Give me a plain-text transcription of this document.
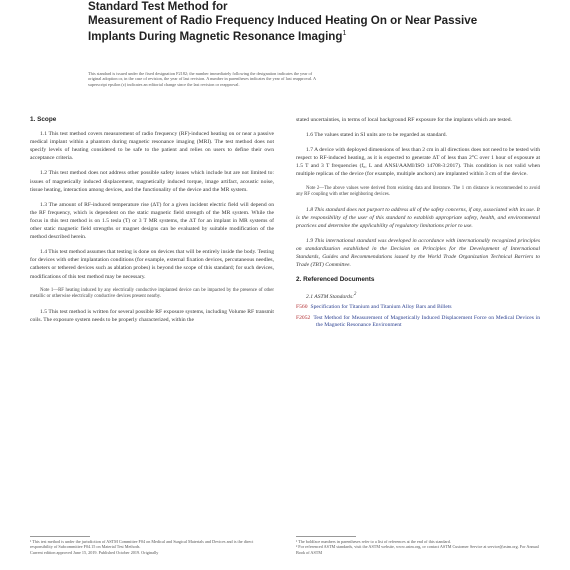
Standard Test Method for
Measurement of Radio Frequency Induced Heating On or Near Passive Implants During Magnetic Resonance Imaging$^1$
This standard is issued under the fixed designation F2182; the number immediately following the designation indicates the year of
original adoption or, in the case of revision, the year of last revision. A number in parentheses indicates the year of last reapproval. A
superscript epsilon (ε) indicates an editorial change since the last revision or reapproval.
1. Scope

1.1 This test method covers measurement of radio frequency (RF)-induced heating on or near a passive medical implant within a phantom during magnetic resonance imaging (MRI). The test method does not specify levels of heating considered to be safe to the patient and relies on users to define their own acceptance criteria.

1.2 This test method does not address other possible safety issues which include but are not limited to: issues of magnetically induced displacement, magnetically induced torque, image artifact, acoustic noise, tissue heating, interaction among devices, and the functionality of the device and the MR system.

1.3 The amount of RF-induced temperature rise (ΔT) for a given incident electric field will depend on the RF frequency, which is dependent on the static magnetic field strength of the MR system. While the focus in this test method is on 1.5 tesla (T) or 3 T MR systems, the ΔT for an implant in MR systems of other static magnetic field strengths or magnet designs can be evaluated by suitable modification of the method described herein.

1.4 This test method assumes that testing is done on devices that will be entirely inside the body. Testing for devices with other implantation conditions (for example, external fixation devices, percutaneous needles, catheters or tethered devices such as ablation probes) is beyond the scope of this standard; for such devices, modifications of this test method may be necessary.

Note 1—RF heating induced by any electrically conductive implanted device can be impacted by the presence of other metallic or otherwise electrically conductive devices present nearby.

1.5 This test method is written for several possible RF exposure systems, including Volume RF transmit coils. The exposure system needs to be properly characterized, within the

stated uncertainties, in terms of local background RF exposure for the implants which are tested.

1.6 The values stated in SI units are to be regarded as standard.

1.7 A device with deployed dimensions of less than 2 cm in all directions does not need to be tested with respect to RF-induced heating, as it is expected to generate ΔT of less than 2°C over 1 hour of exposure at 1.5 T and 3 T frequencies (f₀, L and ANSI/AAMI/ISO 14708-3:2017). This condition is not valid when multiple replicas of the device (for example, multiple anchors) are implanted within 3 cm of the device.

Note 2—The above values were derived from existing data and literature. The 1 cm distance is recommended to avoid any RF coupling with other neighboring devices.

1.8 This standard does not purport to address all of the safety concerns, if any, associated with its use. It is the responsibility of the user of this standard to establish appropriate safety, health, and environmental practices and determine the applicability of regulatory limitations prior to use.

1.9 This international standard was developed in accordance with internationally recognized principles on standardization established in the Decision on Principles for the Development of International Standards, Guides and Recommendations issued by the World Trade Organization Technical Barriers to Trade (TBT) Committee.

2. Referenced Documents
2.1 ASTM Standards:$^2$
F560 Specification for Titanium and Titanium Alloy Bars and Billets
F2052 Test Method for Measurement of Magnetically Induced Displacement Force on Medical Devices in the Magnetic Resonance Environment
¹ This test method is under the jurisdiction of ASTM Committee F04 on Medical and Surgical Materials and Devices and is the direct responsibility of Subcommittee F04.15 on Material Test Methods.
Current edition approved June 15, 2019. Published October 2019. Originally
¹ The boldface numbers in parentheses refer to a list of references at the end of this standard.
² For referenced ASTM standards, visit the ASTM website, www.astm.org, or contact ASTM Customer Service at service@astm.org. For Annual Book of ASTM
